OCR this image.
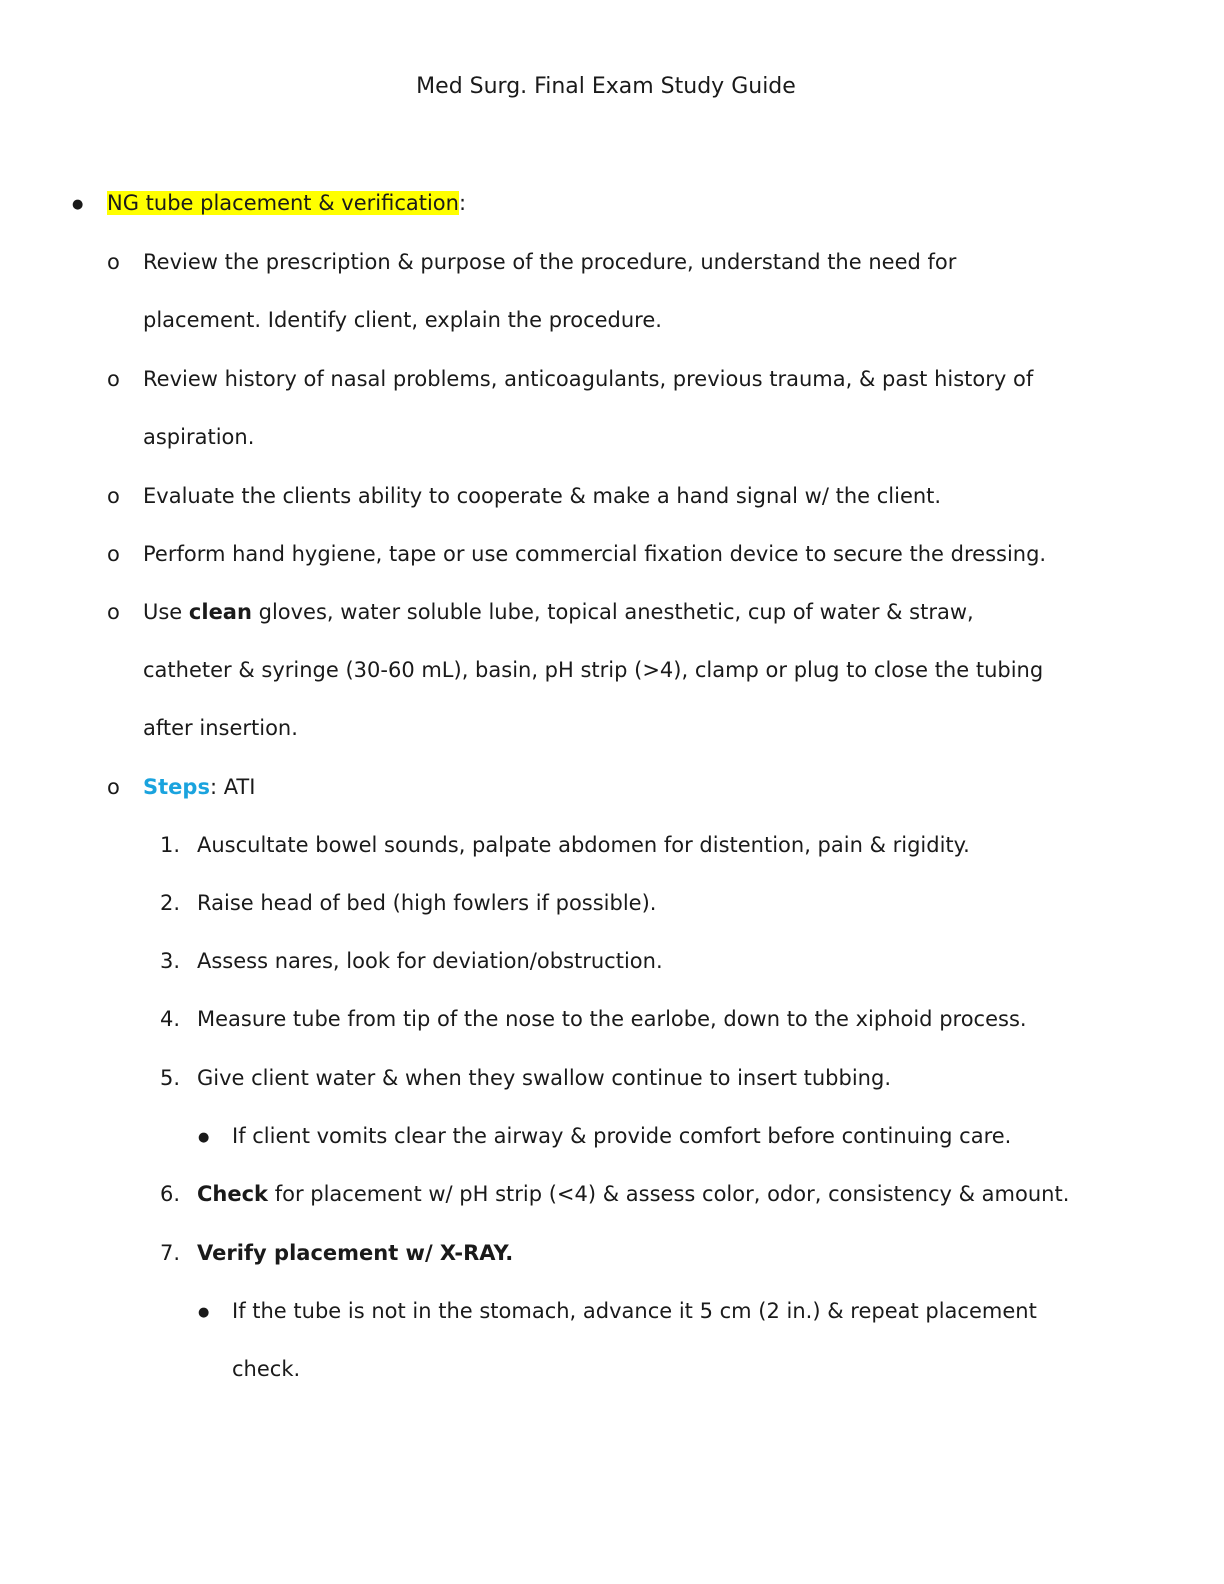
Med Surg. Final Exam Study Guide
● NG tube placement & verification:
o Review the prescription & purpose of the procedure, understand the need for
placement. Identify client, explain the procedure.
o Review history of nasal problems, anticoagulants, previous trauma, & past history of
aspiration.
o Evaluate the clients ability to cooperate & make a hand signal w/ the client.
o Perform hand hygiene, tape or use commercial fixation device to secure the dressing.
o Use clean gloves, water soluble lube, topical anesthetic, cup of water & straw,
catheter & syringe (30-60 mL), basin, pH strip (>4), clamp or plug to close the tubing
after insertion.
o Steps: ATI
1. Auscultate bowel sounds, palpate abdomen for distention, pain & rigidity.
2. Raise head of bed (high fowlers if possible).
3. Assess nares, look for deviation/obstruction.
4. Measure tube from tip of the nose to the earlobe, down to the xiphoid process.
5. Give client water & when they swallow continue to insert tubbing.
● If client vomits clear the airway & provide comfort before continuing care.
6. Check for placement w/ pH strip (<4) & assess color, odor, consistency & amount.
7. Verify placement w/ X-RAY.
● If the tube is not in the stomach, advance it 5 cm (2 in.) & repeat placement
check.
